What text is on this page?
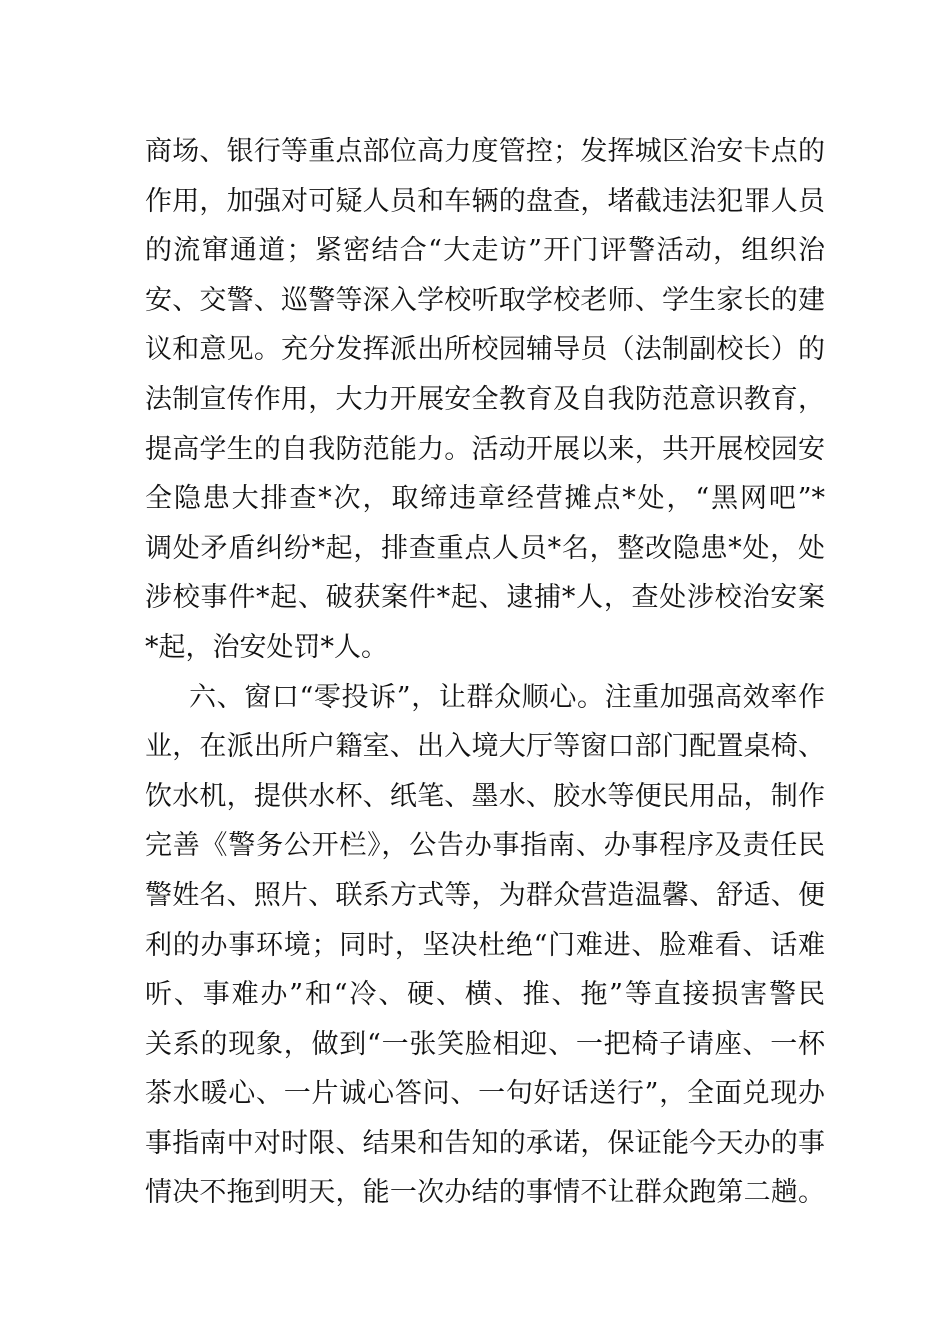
商场、银行等重点部位高力度管控；发挥城区治安卡点的
作用，加强对可疑人员和车辆的盘查，堵截违法犯罪人员
的流窜通道；紧密结合“大走访”开门评警活动，组织治
安、交警、巡警等深入学校听取学校老师、学生家长的建
议和意见。充分发挥派出所校园辅导员（法制副校长）的
法制宣传作用，大力开展安全教育及自我防范意识教育，
提高学生的自我防范能力。活动开展以来，共开展校园安
全隐患大排查*次，取缔违章经营摊点*处，“黑网吧”*
调处矛盾纠纷*起，排查重点人员*名，整改隐患*处，处
涉校事件*起、破获案件*起、逮捕*人，查处涉校治安案
*起，治安处罚*人。
六、窗口“零投诉”，让群众顺心。注重加强高效率作
业，在派出所户籍室、出入境大厅等窗口部门配置桌椅、
饮水机，提供水杯、纸笔、墨水、胶水等便民用品，制作
完善《警务公开栏》，公告办事指南、办事程序及责任民
警姓名、照片、联系方式等，为群众营造温馨、舒适、便
利的办事环境；同时，坚决杜绝“门难进、脸难看、话难
听、事难办”和“冷、硬、横、推、拖”等直接损害警民
关系的现象，做到“一张笑脸相迎、一把椅子请座、一杯
茶水暖心、一片诚心答问、一句好话送行”，全面兑现办
事指南中对时限、结果和告知的承诺，保证能今天办的事
情决不拖到明天，能一次办结的事情不让群众跑第二趟。
